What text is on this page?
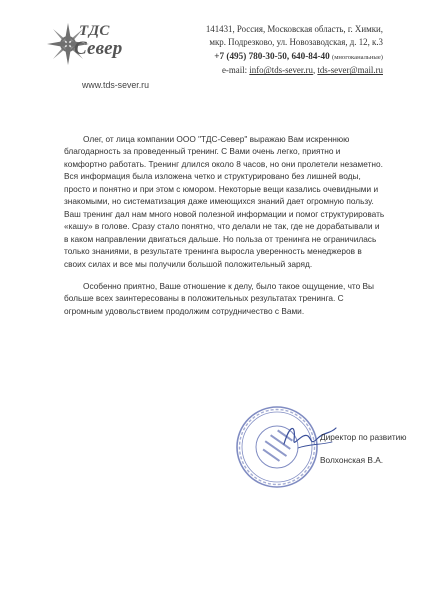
ТДС
Север
www.tds-sever.ru
141431, Россия, Московская область, г. Химки,
мкр. Подрезково, ул. Новозаводская, д. 12, к.3
+7 (495) 780-30-50, 640-84-40 (многоканальные)
e-mail: info@tds-sever.ru, tds-sever@mail.ru
Олег, от лица компании ООО "ТДС-Север" выражаю Вам искреннюю
благодарность за проведенный тренинг. С Вами очень легко, приятно и
комфортно работать. Тренинг длился около 8 часов, но они пролетели незаметно.
Вся информация была изложена четко и структурировано без лишней воды,
просто и понятно и при этом с юмором. Некоторые вещи казались очевидными и
знакомыми, но систематизация даже имеющихся знаний дает огромную пользу.
Ваш тренинг дал нам много новой полезной информации и помог структурировать
«кашу» в голове. Сразу стало понятно, что делали не так, где не дорабатывали и
в каком направлении двигаться дальше. Но польза от тренинга не ограничилась
только знаниями, в результате тренинга выросла уверенность менеджеров в
своих силах и все мы получили большой положительный заряд.
Особенно приятно, Ваше отношение к делу, было такое ощущение, что Вы
больше всех заинтересованы в положительных результатах тренинга. С
огромным удовольствием продолжим сотрудничество с Вами.
Директор по развитию
Волхонская В.А.
